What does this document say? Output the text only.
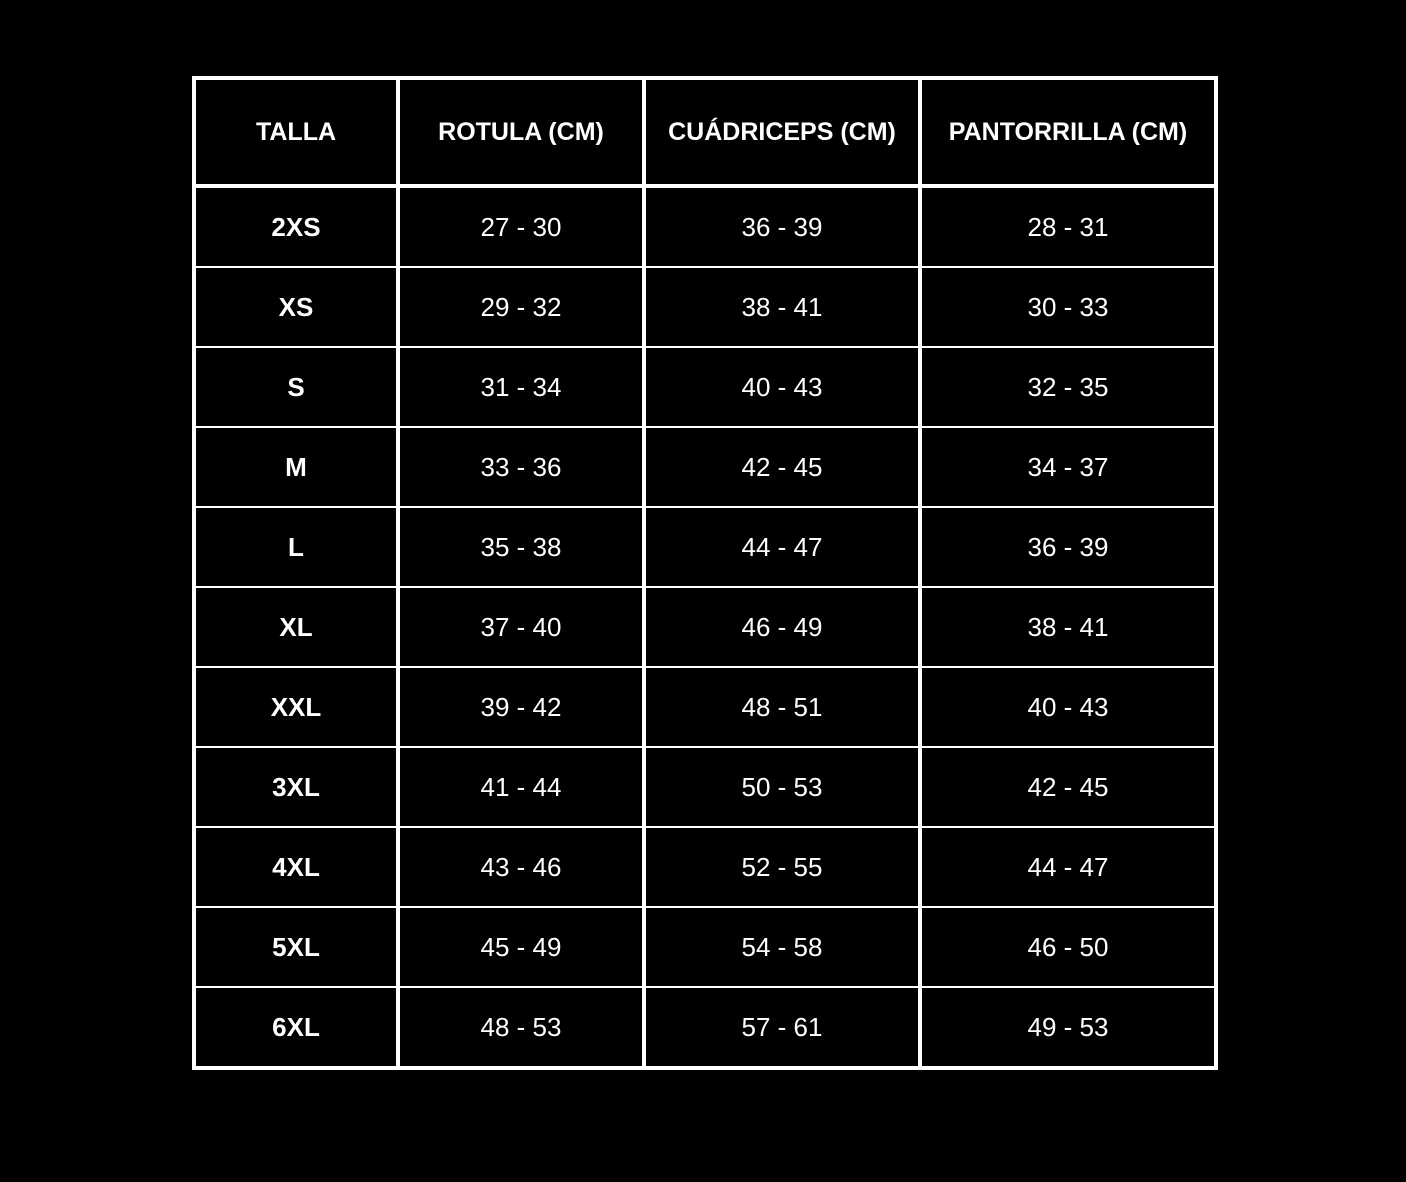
TALLA	ROTULA (CM)	CUÁDRICEPS (CM)	PANTORRILLA (CM)
2XS	27 - 30	36 - 39	28 - 31
XS	29 - 32	38 - 41	30 - 33
S	31 - 34	40 - 43	32 - 35
M	33 - 36	42 - 45	34 - 37
L	35 - 38	44 - 47	36 - 39
XL	37 - 40	46 - 49	38 - 41
XXL	39 - 42	48 - 51	40 - 43
3XL	41 - 44	50 - 53	42 - 45
4XL	43 - 46	52 - 55	44 - 47
5XL	45 - 49	54 - 58	46 - 50
6XL	48 - 53	57 - 61	49 - 53
